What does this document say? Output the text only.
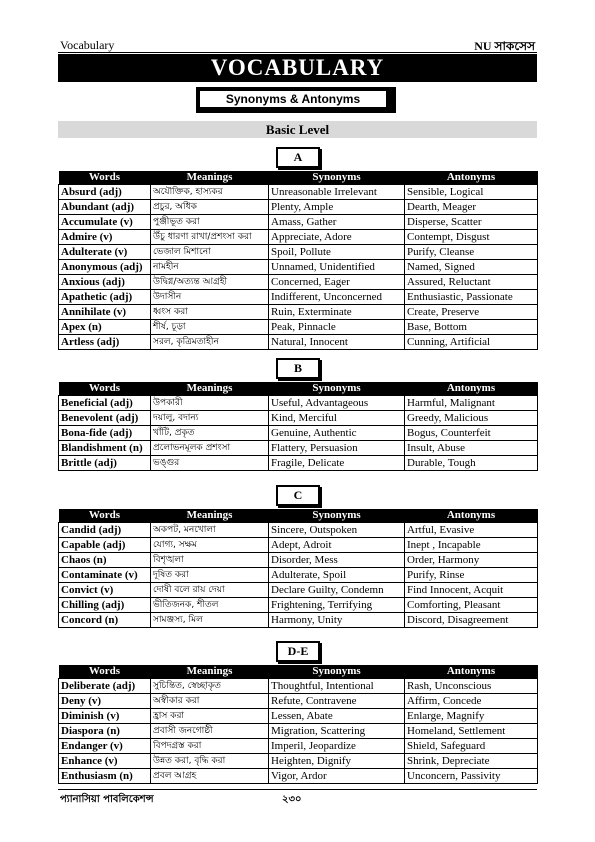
Vocabulary	NU সাকসেস
VOCABULARY
Synonyms & Antonyms
Basic Level
A
Words	Meanings	Synonyms	Antonyms
Absurd (adj)	অযৌক্তিক, হাস্যকর	Unreasonable Irrelevant	Sensible, Logical
Abundant (adj)	প্রচুর, অধিক	Plenty, Ample	Dearth, Meager
Accumulate (v)	পুঞ্জীভূত করা	Amass, Gather	Disperse, Scatter
Admire (v)	উঁচু ধারণা রাখা/প্রশংসা করা	Appreciate, Adore	Contempt, Disgust
Adulterate (v)	ভেজাল মিশানো	Spoil, Pollute	Purify, Cleanse
Anonymous (adj)	নামহীন	Unnamed, Unidentified	Named, Signed
Anxious (adj)	উদ্বিগ্ন/অত্যন্ত আগ্রহী	Concerned, Eager	Assured, Reluctant
Apathetic (adj)	উদাসীন	Indifferent, Unconcerned	Enthusiastic, Passionate
Annihilate (v)	ধ্বংস করা	Ruin, Exterminate	Create, Preserve
Apex (n)	শীর্ষ, চূড়া	Peak, Pinnacle	Base, Bottom
Artless (adj)	সরল, কৃত্রিমতাহীন	Natural, Innocent	Cunning, Artificial
B
Words	Meanings	Synonyms	Antonyms
Beneficial (adj)	উপকারী	Useful, Advantageous	Harmful, Malignant
Benevolent (adj)	দয়ালু, বদান্য	Kind, Merciful	Greedy, Malicious
Bona-fide (adj)	খাঁটি, প্রকৃত	Genuine, Authentic	Bogus, Counterfeit
Blandishment (n)	প্রলোভনমূলক প্রশংসা	Flattery, Persuasion	Insult, Abuse
Brittle (adj)	ভঙ্গুর	Fragile, Delicate	Durable, Tough
C
Words	Meanings	Synonyms	Antonyms
Candid (adj)	অকপট, মনখোলা	Sincere, Outspoken	Artful, Evasive
Capable (adj)	যোগ্য, সক্ষম	Adept, Adroit	Inept , Incapable
Chaos (n)	বিশৃঙ্খলা	Disorder, Mess	Order, Harmony
Contaminate (v)	দূষিত করা	Adulterate, Spoil	Purify, Rinse
Convict (v)	দোষী বলে রায় দেয়া	Declare Guilty, Condemn	Find Innocent, Acquit
Chilling (adj)	ভীতিজনক, শীতল	Frightening, Terrifying	Comforting, Pleasant
Concord (n)	সামঞ্জস্য, মিল	Harmony, Unity	Discord, Disagreement
D-E
Words	Meanings	Synonyms	Antonyms
Deliberate (adj)	সুচিন্তিত, স্বেচ্ছাকৃত	Thoughtful, Intentional	Rash, Unconscious
Deny (v)	অস্বীকার করা	Refute, Contravene	Affirm, Concede
Diminish (v)	হ্রাস করা	Lessen, Abate	Enlarge, Magnify
Diaspora (n)	প্রবাসী জনগোষ্ঠী	Migration, Scattering	Homeland, Settlement
Endanger (v)	বিপদগ্রস্ত করা	Imperil, Jeopardize	Shield, Safeguard
Enhance (v)	উন্নত করা, বৃদ্ধি করা	Heighten, Dignify	Shrink, Depreciate
Enthusiasm (n)	প্রবল আগ্রহ	Vigor, Ardor	Unconcern, Passivity
প্যানাসিয়া পাবলিকেশন্স	২৩০
